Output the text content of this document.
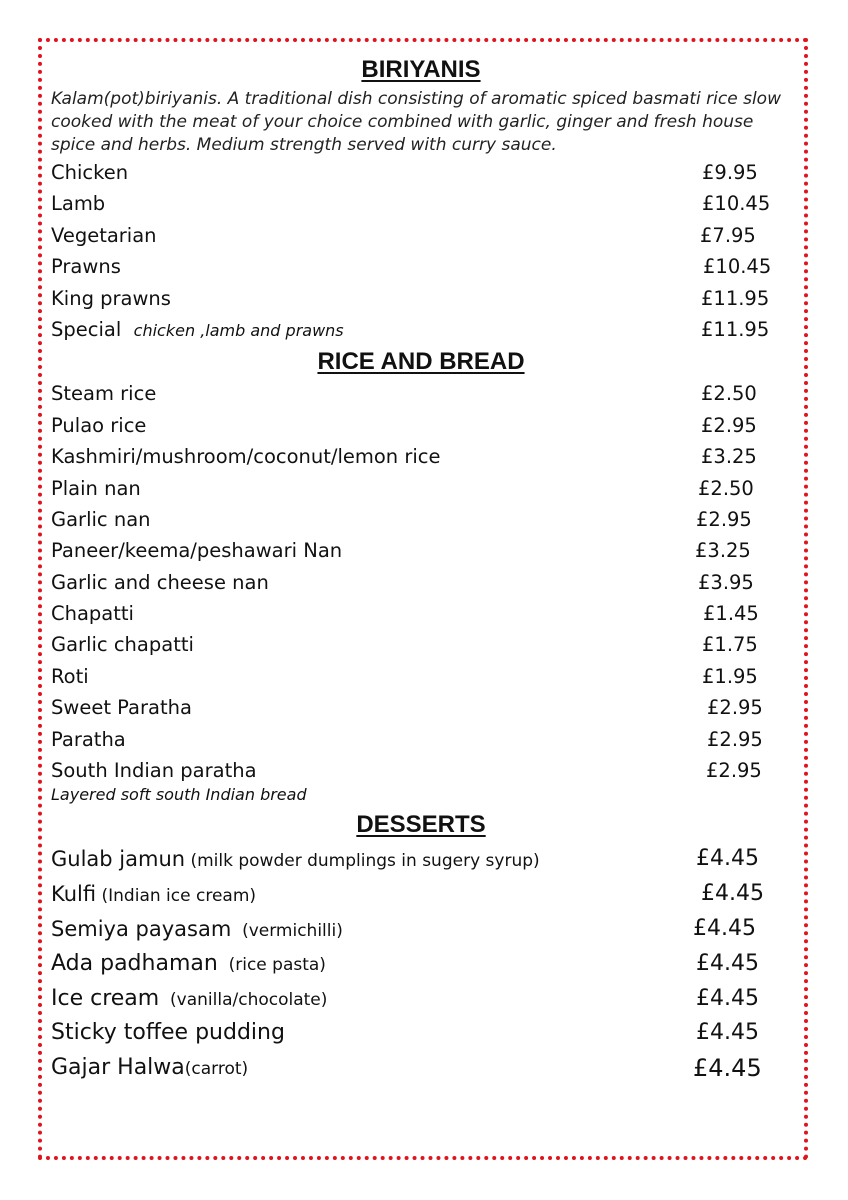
BIRIYANIS

Kalam(pot)biriyanis. A traditional dish consisting of aromatic spiced basmati rice slow cooked with the meat of your choice combined with garlic, ginger and fresh house spice and herbs. Medium strength served with curry sauce.

Chicken	£9.95
Lamb	£10.45
Vegetarian	£7.95
Prawns	£10.45
King prawns	£11.95
Special chicken ,lamb and prawns	£11.95
RICE AND BREAD
Steam rice	£2.50
Pulao rice	£2.95
Kashmiri/mushroom/coconut/lemon rice	£3.25
Plain nan	£2.50
Garlic nan	£2.95
Paneer/keema/peshawari Nan	£3.25
Garlic and cheese nan	£3.95
Chapatti	£1.45
Garlic chapatti	£1.75
Roti	£1.95
Sweet Paratha	£2.95
Paratha	£2.95
South Indian paratha	£2.95
Layered soft south Indian bread
DESSERTS
Gulab jamun (milk powder dumplings in sugery syrup)	£4.45
Kulfi (Indian ice cream)	£4.45
Semiya payasam  (vermichilli)	£4.45
Ada padhaman  (rice pasta)	£4.45
Ice cream  (vanilla/chocolate)	£4.45
Sticky toffee pudding	£4.45
Gajar Halwa(carrot)	£4.45
